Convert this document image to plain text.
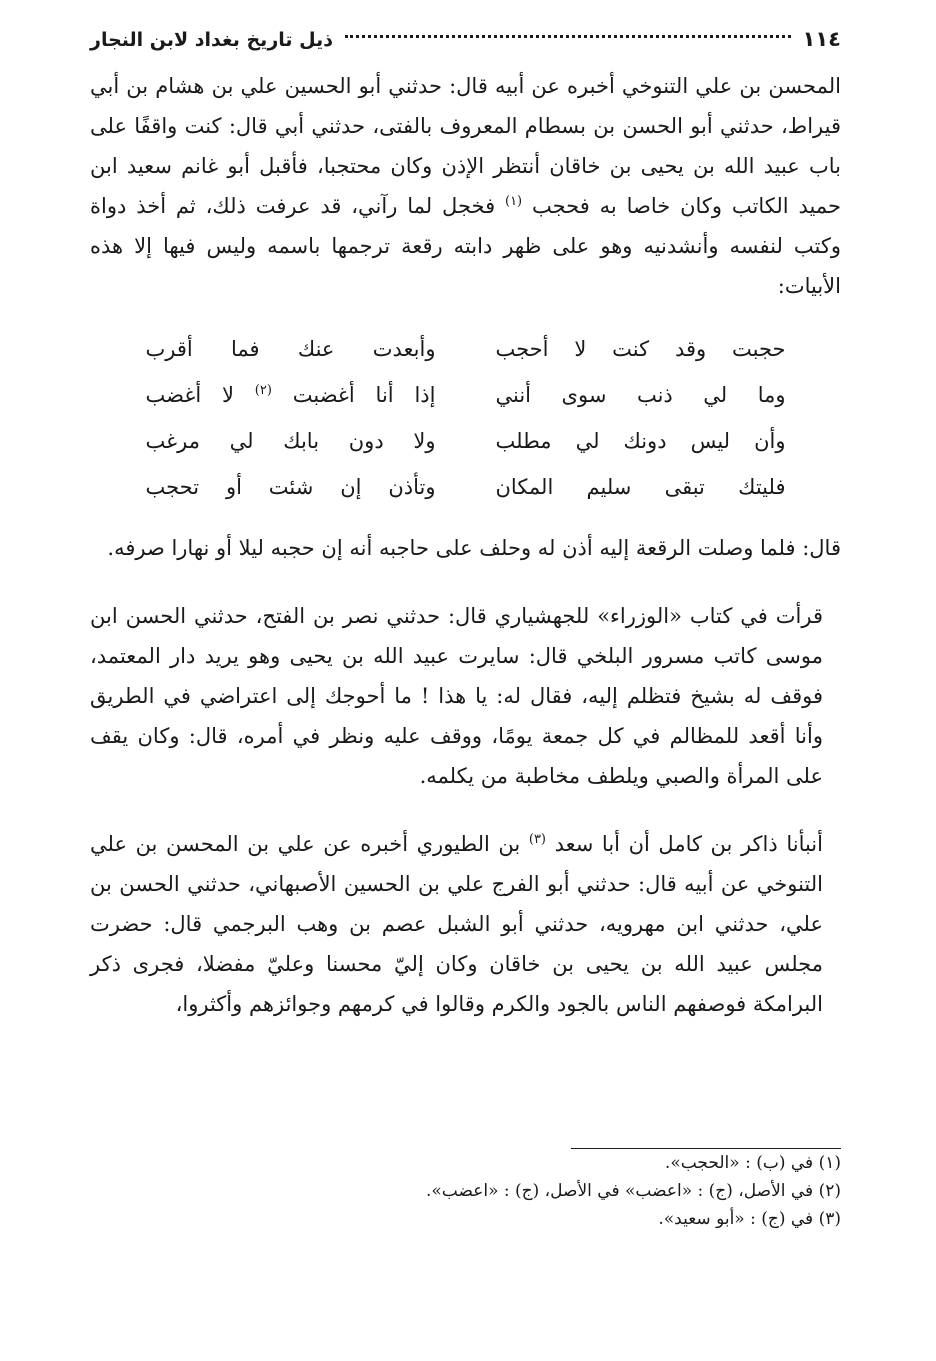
١١٤
ذيل تاريخ بغداد لابن النجار

المحسن بن علي التنوخي أخبره عن أبيه قال: حدثني أبو الحسين علي بن هشام بن أبي قيراط، حدثني أبو الحسن بن بسطام المعروف بالفتى، حدثني أبي قال: كنت واقفًا على باب عبيد الله بن يحيى بن خاقان أنتظر الإذن وكان محتجبا، فأقبل أبو غانم سعيد ابن حميد الكاتب وكان خاصا به فحجب $^{(١)}$ فخجل لما رآني، قد عرفت ذلك، ثم أخذ دواة وكتب لنفسه وأنشدنيه وهو على ظهر دابته رقعة ترجمها باسمه وليس فيها إلا هذه الأبيات:

حجبت وقد كنت لا أحجب
وأبعدت عنك فما أقرب
وما لي ذنب سوى أنني
إذا أنا أغضبت $^{(٢)}$ لا أغضب
وأن ليس دونك لي مطلب
ولا دون بابك لي مرغب
فليتك تبقى سليم المكان
وتأذن إن شئت أو تحجب

قال: فلما وصلت الرقعة إليه أذن له وحلف على حاجبه أنه إن حجبه ليلا أو نهارا صرفه.

قرأت في كتاب «الوزراء» للجهشياري قال: حدثني نصر بن الفتح، حدثني الحسن ابن موسى كاتب مسرور البلخي قال: سايرت عبيد الله بن يحيى وهو يريد دار المعتمد، فوقف له بشيخ فتظلم إليه، فقال له: يا هذا ! ما أحوجك إلى اعتراضي في الطريق وأنا أقعد للمظالم في كل جمعة يومًا، ووقف عليه ونظر في أمره، قال: وكان يقف على المرأة والصبي ويلطف مخاطبة من يكلمه.

أنبأنا ذاكر بن كامل أن أبا سعد $^{(٣)}$ بن الطيوري أخبره عن علي بن المحسن بن علي التنوخي عن أبيه قال: حدثني أبو الفرج علي بن الحسين الأصبهاني، حدثني الحسن بن علي، حدثني ابن مهرويه، حدثني أبو الشبل عصم بن وهب البرجمي قال: حضرت مجلس عبيد الله بن يحيى بن خاقان وكان إليّ محسنا وعليّ مفضلا، فجرى ذكر البرامكة فوصفهم الناس بالجود والكرم وقالوا في كرمهم وجوائزهم وأكثروا،

(١) في (ب) : «الحجب».
(٢) في الأصل، (ج) : «اعضب» في الأصل، (ج) : «اعضب».
(٣) في (ج) : «أبو سعيد».
